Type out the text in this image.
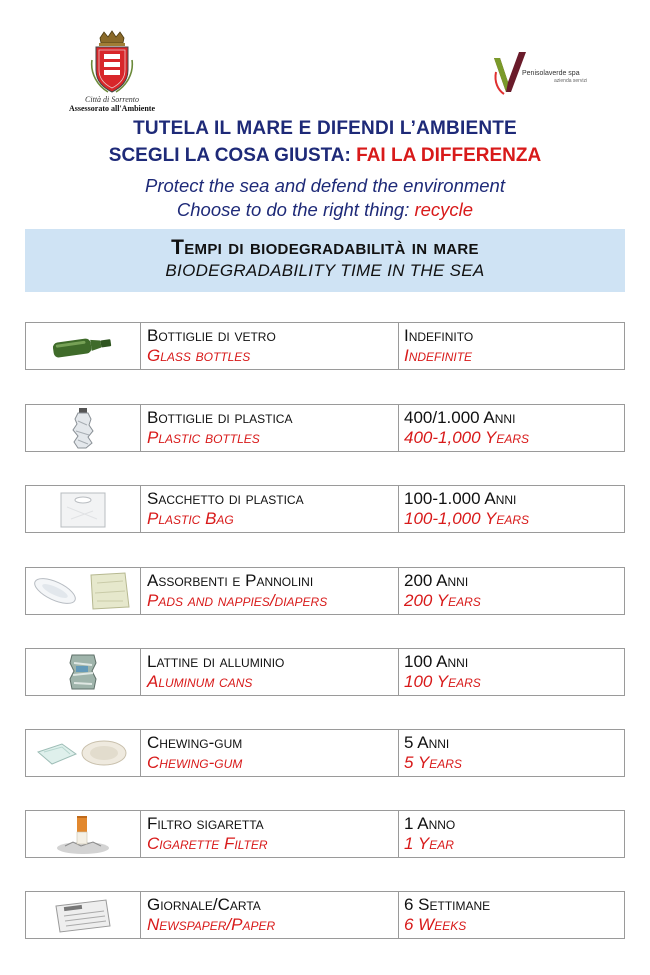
Città di Sorrento
Assessorato all'Ambiente
Penisolaverde spa
azienda servizi
TUTELA IL MARE E DIFENDI L’AMBIENTE
SCEGLI LA COSA GIUSTA: FAI LA DIFFERENZA
Protect the sea and defend the environment
Choose to do the right thing: recycle
Tempi di biodegradabilità in mare
BIODEGRADABILITY TIME IN THE SEA
Bottiglie di vetro
Glass bottles
Indefinito
Indefinite
Bottiglie di plastica
Plastic bottles
400/1.000 Anni
400-1,000 Years
Sacchetto di plastica
Plastic Bag
100-1.000 Anni
100-1,000 Years
Assorbenti e Pannolini
Pads and nappies/diapers
200 Anni
200 Years
Lattine di alluminio
Aluminum cans
100 Anni
100 Years
Chewing-gum
Chewing-gum
5 Anni
5 Years
Filtro sigaretta
Cigarette Filter
1 Anno
1 Year
Giornale/Carta
Newspaper/Paper
6 Settimane
6 Weeks
